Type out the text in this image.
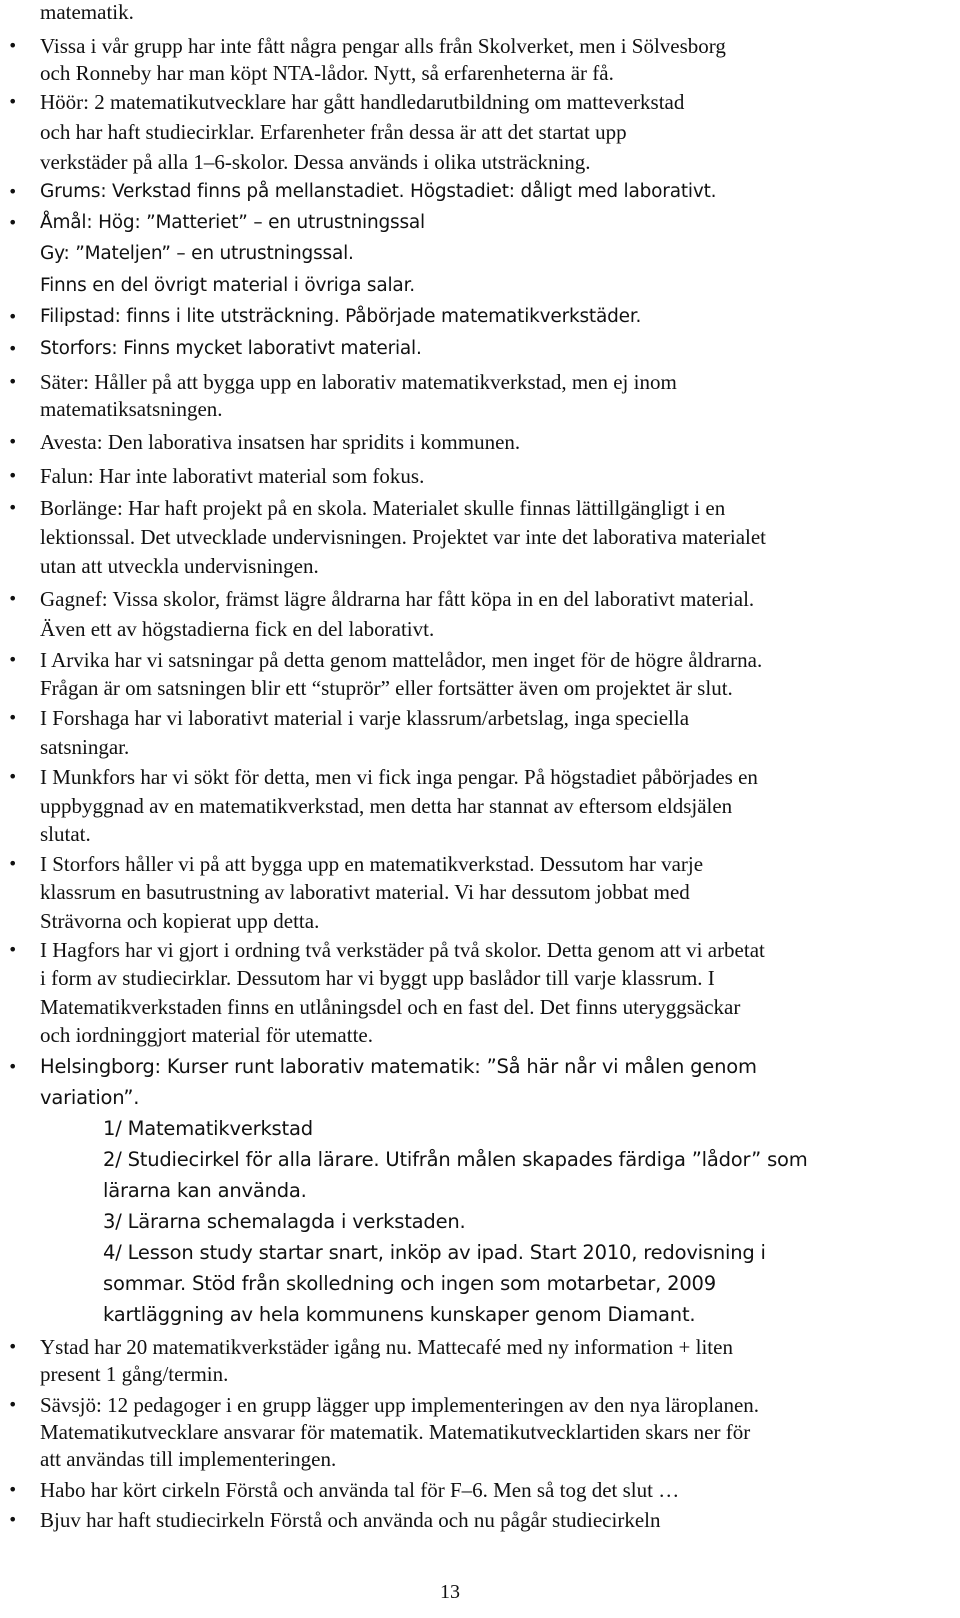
matematik.
• Vissa i vår grupp har inte fått några pengar alls från Skolverket, men i Sölvesborg
och Ronneby har man köpt NTA-lådor. Nytt, så erfarenheterna är få.
• Höör: 2 matematikutvecklare har gått handledarutbildning om matteverkstad
och har haft studiecirklar. Erfarenheter från dessa är att det startat upp
verkstäder på alla 1–6-skolor. Dessa används i olika utsträckning.
• Grums: Verkstad finns på mellanstadiet. Högstadiet: dåligt med laborativt.
• Åmål: Hög: ”Matteriet” – en utrustningssal
Gy: ”Mateljen” – en utrustningssal.
Finns en del övrigt material i övriga salar.
• Filipstad: finns i lite utsträckning. Påbörjade matematikverkstäder.
• Storfors: Finns mycket laborativt material.
• Säter: Håller på att bygga upp en laborativ matematikverkstad, men ej inom
matematiksatsningen.
• Avesta: Den laborativa insatsen har spridits i kommunen.
• Falun: Har inte laborativt material som fokus.
• Borlänge: Har haft projekt på en skola. Materialet skulle finnas lättillgängligt i en
lektionssal. Det utvecklade undervisningen. Projektet var inte det laborativa materialet
utan att utveckla undervisningen.
• Gagnef: Vissa skolor, främst lägre åldrarna har fått köpa in en del laborativt material.
Även ett av högstadierna fick en del laborativt.
• I Arvika har vi satsningar på detta genom mattelådor, men inget för de högre åldrarna.
Frågan är om satsningen blir ett “stuprör” eller fortsätter även om projektet är slut.
• I Forshaga har vi laborativt material i varje klassrum/arbetslag, inga speciella
satsningar.
• I Munkfors har vi sökt för detta, men vi fick inga pengar. På högstadiet påbörjades en
uppbyggnad av en matematikverkstad, men detta har stannat av eftersom eldsjälen
slutat.
• I Storfors håller vi på att bygga upp en matematikverkstad. Dessutom har varje
klassrum en basutrustning av laborativt material. Vi har dessutom jobbat med
Strävorna och kopierat upp detta.
• I Hagfors har vi gjort i ordning två verkstäder på två skolor. Detta genom att vi arbetat
i form av studiecirklar. Dessutom har vi byggt upp baslådor till varje klassrum. I
Matematikverkstaden finns en utlåningsdel och en fast del. Det finns uteryggsäckar
och iordninggjort material för utematte.
• Helsingborg: Kurser runt laborativ matematik: ”Så här når vi målen genom
variation”.
1/ Matematikverkstad
2/ Studiecirkel för alla lärare. Utifrån målen skapades färdiga ”lådor” som
lärarna kan använda.
3/ Lärarna schemalagda i verkstaden.
4/ Lesson study startar snart, inköp av ipad. Start 2010, redovisning i
sommar. Stöd från skolledning och ingen som motarbetar, 2009
kartläggning av hela kommunens kunskaper genom Diamant.
• Ystad har 20 matematikverkstäder igång nu. Mattecafé med ny information + liten
present 1 gång/termin.
• Sävsjö: 12 pedagoger i en grupp lägger upp implementeringen av den nya läroplanen.
Matematikutvecklare ansvarar för matematik. Matematikutvecklartiden skars ner för
att användas till implementeringen.
• Habo har kört cirkeln Förstå och använda tal för F–6. Men så tog det slut …
• Bjuv har haft studiecirkeln Förstå och använda och nu pågår studiecirkeln
13
